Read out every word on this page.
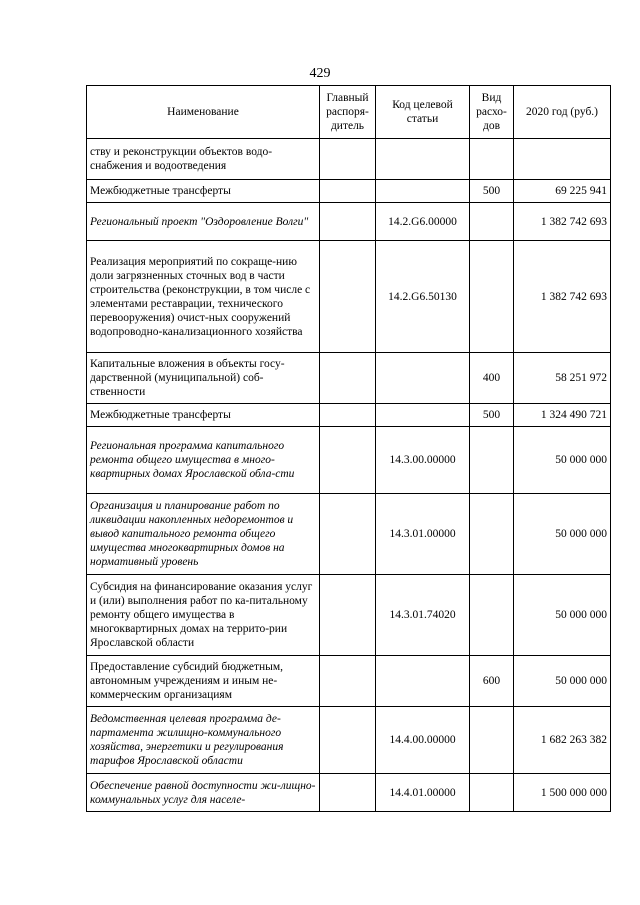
429
Наименование	Главный распоря-дитель	Код целевой статьи	Вид расхо-дов	2020 год (руб.)
ству и реконструкции объектов водо-снабжения и водоотведения				
Межбюджетные трансферты			500	69 225 941
Региональный проект "Оздоровление Волги"		14.2.G6.00000		1 382 742 693
Реализация мероприятий по сокраще-нию доли загрязненных сточных вод в части строительства (реконструкции, в том числе с элементами реставрации, технического перевооружения) очист-ных сооружений водопроводно-канализационного хозяйства		14.2.G6.50130		1 382 742 693
Капитальные вложения в объекты госу-дарственной (муниципальной) соб-ственности			400	58 251 972
Межбюджетные трансферты			500	1 324 490 721
Региональная программа капитального ремонта общего имущества в много-квартирных домах Ярославской обла-сти		14.3.00.00000		50 000 000
Организация и планирование работ по ликвидации накопленных недоремонтов и вывод капитального ремонта общего имущества многоквартирных домов на нормативный уровень		14.3.01.00000		50 000 000
Субсидия на финансирование оказания услуг и (или) выполнения работ по ка-питальному ремонту общего имущества в многоквартирных домах на террито-рии Ярославской области		14.3.01.74020		50 000 000
Предоставление субсидий бюджетным, автономным учреждениям и иным не-коммерческим организациям			600	50 000 000
Ведомственная целевая программа де-партамента жилищно-коммунального хозяйства, энергетики и регулирования тарифов Ярославской области		14.4.00.00000		1 682 263 382
Обеспечение равной доступности жи-лищно-коммунальных услуг для населе-		14.4.01.00000		1 500 000 000
